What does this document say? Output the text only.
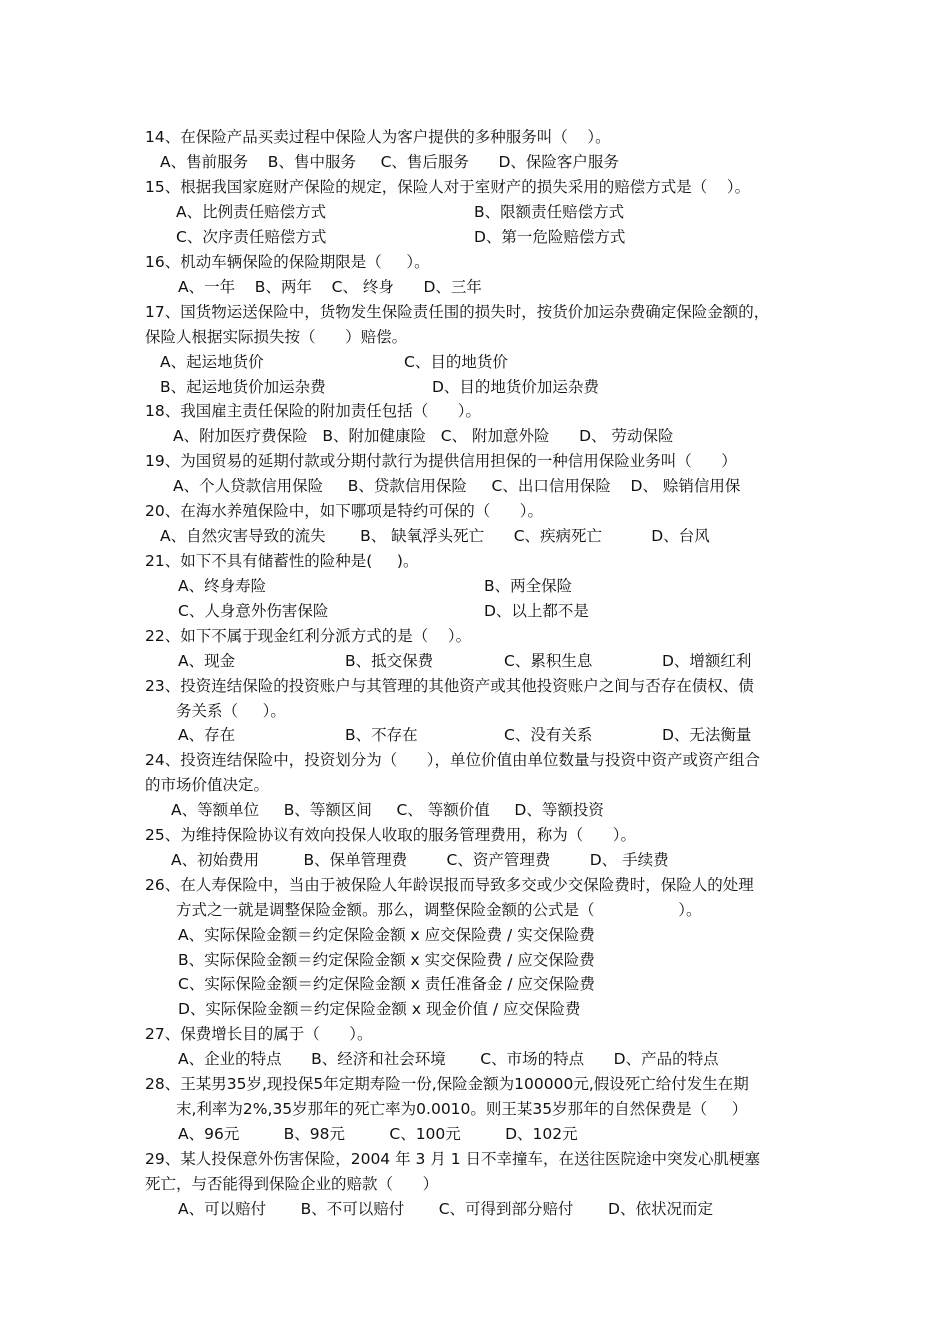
14、在保险产品买卖过程中保险人为客户提供的多种服务叫（    ）。
A、售前服务    B、售中服务     C、售后服务      D、保险客户服务
15、根据我国家庭财产保险的规定，保险人对于室财产的损失采用的赔偿方式是（    ）。
A、比例责任赔偿方式	B、限额责任赔偿方式
C、次序责任赔偿方式	D、第一危险赔偿方式
16、机动车辆保险的保险期限是（     ）。
A、一年    B、两年    C、 终身      D、三年
17、国货物运送保险中，货物发生保险责任围的损失时，按货价加运杂费确定保险金额的，
保险人根据实际损失按（      ）赔偿。
A、起运地货价	C、目的地货价
B、起运地货价加运杂费	D、目的地货价加运杂费
18、我国雇主责任保险的附加责任包括（      ）。
A、附加医疗费保险   B、附加健康险   C、 附加意外险      D、 劳动保险
19、为国贸易的延期付款或分期付款行为提供信用担保的一种信用保险业务叫（      ）
A、个人贷款信用保险     B、贷款信用保险     C、出口信用保险    D、 赊销信用保
20、在海水养殖保险中，如下哪项是特约可保的（      ）。
A、自然灾害导致的流失       B、 缺氧浮头死亡      C、疾病死亡          D、台风
21、如下不具有储蓄性的险种是(     )。
A、终身寿险	B、两全保险
C、人身意外伤害保险	D、以上都不是
22、如下不属于现金红利分派方式的是（    ）。
A、现金	B、抵交保费	C、累积生息	D、增额红利
23、投资连结保险的投资账户与其管理的其他资产或其他投资账户之间与否存在债权、债
务关系（     ）。
A、存在	B、不存在	C、没有关系	D、无法衡量
24、投资连结保险中，投资划分为（      ），单位价值由单位数量与投资中资产或资产组合
的市场价值决定。
A、等额单位     B、等额区间     C、 等额价值     D、等额投资
25、为维持保险协议有效向投保人收取的服务管理费用，称为（      ）。
A、初始费用         B、保单管理费        C、资产管理费        D、 手续费
26、在人寿保险中，当由于被保险人年龄误报而导致多交或少交保险费时，保险人的处理
方式之一就是调整保险金额。那么，调整保险金额的公式是（                 ）。
A、实际保险金额＝约定保险金额 x 应交保险费 / 实交保险费
B、实际保险金额＝约定保险金额 x 实交保险费 / 应交保险费
C、实际保险金额＝约定保险金额 x 责任准备金 / 应交保险费
D、实际保险金额＝约定保险金额 x 现金价值 / 应交保险费
27、保费增长目的属于（      ）。
A、企业的特点      B、经济和社会环境       C、市场的特点      D、产品的特点
28、王某男35岁,现投保5年定期寿险一份,保险金额为100000元,假设死亡给付发生在期
末,利率为2%,35岁那年的死亡率为0.0010。则王某35岁那年的自然保费是（     ）
A、96元         B、98元         C、100元         D、102元
29、某人投保意外伤害保险，2004 年 3 月 1 日不幸撞车，在送往医院途中突发心肌梗塞
死亡，与否能得到保险企业的赔款（      ）
A、可以赔付       B、不可以赔付       C、可得到部分赔付       D、依状况而定
